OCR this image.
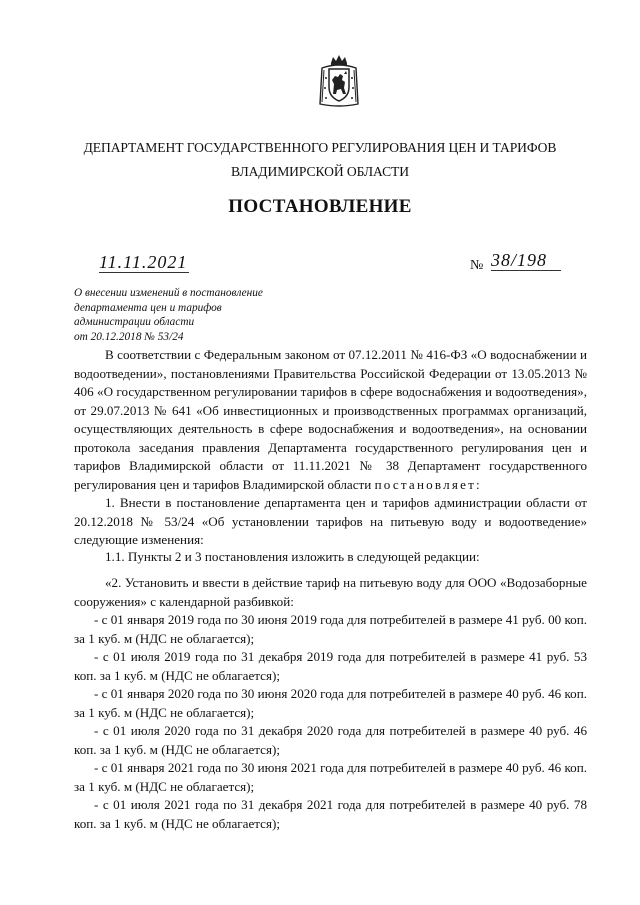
ДЕПАРТАМЕНТ ГОСУДАРСТВЕННОГО РЕГУЛИРОВАНИЯ ЦЕН И ТАРИФОВ
ВЛАДИМИРСКОЙ ОБЛАСТИ
ПОСТАНОВЛЕНИЕ
11.11.2021	№ 38/198
О внесении изменений в постановление
департамента цен и тарифов
администрации области
от 20.12.2018 № 53/24
В соответствии с Федеральным законом от 07.12.2011 № 416-ФЗ «О водоснабжении и водоотведении», постановлениями Правительства Российской Федерации от 13.05.2013 № 406 «О государственном регулировании тарифов в сфере водоснабжения и водоотведения», от 29.07.2013 № 641 «Об инвестиционных и производственных программах организаций, осуществляющих деятельность в сфере водоснабжения и водоотведения», на основании протокола заседания правления Департамента государственного регулирования цен и тарифов Владимирской области от 11.11.2021 № 38 Департамент государственного регулирования цен и тарифов Владимирской области постановляет:
1. Внести в постановление департамента цен и тарифов администрации области от 20.12.2018 № 53/24 «Об установлении тарифов на питьевую воду и водоотведение» следующие изменения:
1.1. Пункты 2 и 3 постановления изложить в следующей редакции:
«2. Установить и ввести в действие тариф на питьевую воду для ООО «Водозаборные сооружения» с календарной разбивкой:
- с 01 января 2019 года по 30 июня 2019 года для потребителей в размере 41 руб. 00 коп. за 1 куб. м (НДС не облагается);
- с 01 июля 2019 года по 31 декабря 2019 года для потребителей в размере 41 руб. 53 коп. за 1 куб. м (НДС не облагается);
- с 01 января 2020 года по 30 июня 2020 года для потребителей в размере 40 руб. 46 коп. за 1 куб. м (НДС не облагается);
- с 01 июля 2020 года по 31 декабря 2020 года для потребителей в размере 40 руб. 46 коп. за 1 куб. м (НДС не облагается);
- с 01 января 2021 года по 30 июня 2021 года для потребителей в размере 40 руб. 46 коп. за 1 куб. м (НДС не облагается);
- с 01 июля 2021 года по 31 декабря 2021 года для потребителей в размере 40 руб. 78 коп. за 1 куб. м (НДС не облагается);
